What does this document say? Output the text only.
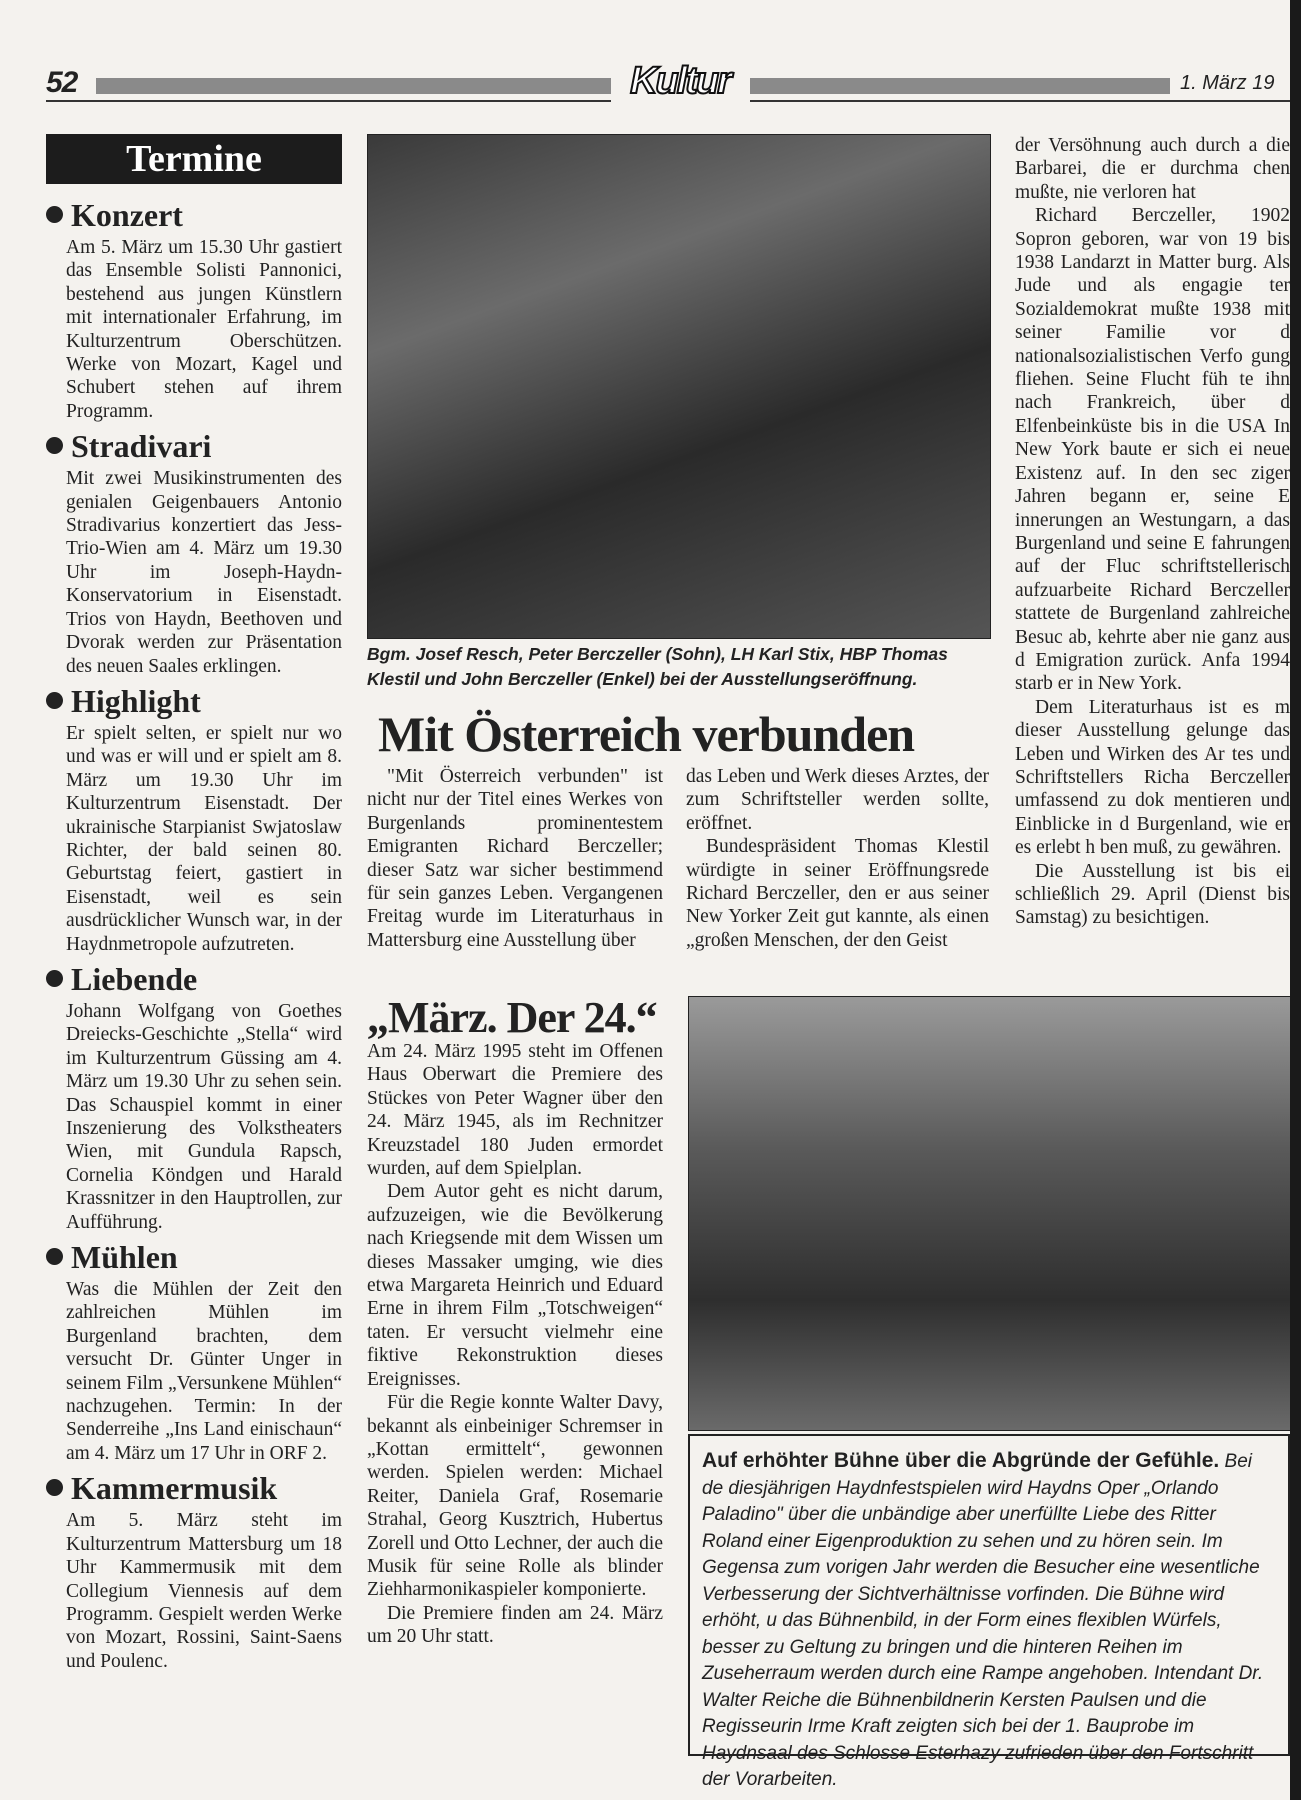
52	Kultur	1. März 19
Termine
Konzert

Am 5. März um 15.30 Uhr gastiert das Ensemble Solisti Pannonici, bestehend aus jungen Künstlern mit internationaler Erfahrung, im Kulturzentrum Oberschützen. Werke von Mozart, Kagel und Schubert stehen auf ihrem Programm.

Stradivari

Mit zwei Musikinstrumenten des genialen Geigenbauers Antonio Stradivarius konzertiert das Jess-Trio-Wien am 4. März um 19.30 Uhr im Joseph-Haydn-Konservatorium in Eisenstadt. Trios von Haydn, Beethoven und Dvorak werden zur Präsentation des neuen Saales erklingen.

Highlight

Er spielt selten, er spielt nur wo und was er will und er spielt am 8. März um 19.30 Uhr im Kulturzentrum Eisenstadt. Der ukrainische Starpianist Swjatoslaw Richter, der bald seinen 80. Geburtstag feiert, gastiert in Eisenstadt, weil es sein ausdrücklicher Wunsch war, in der Haydnmetropole aufzutreten.

Liebende

Johann Wolfgang von Goethes Dreiecks-Geschichte „Stella“ wird im Kulturzentrum Güssing am 4. März um 19.30 Uhr zu sehen sein. Das Schauspiel kommt in einer Inszenierung des Volkstheaters Wien, mit Gundula Rapsch, Cornelia Köndgen und Harald Krassnitzer in den Hauptrollen, zur Aufführung.

Mühlen

Was die Mühlen der Zeit den zahlreichen Mühlen im Burgenland brachten, dem versucht Dr. Günter Unger in seinem Film „Versunkene Mühlen“ nachzugehen. Termin: In der Senderreihe „Ins Land einischaun“ am 4. März um 17 Uhr in ORF 2.

Kammermusik

Am 5. März steht im Kulturzentrum Mattersburg um 18 Uhr Kammermusik mit dem Collegium Viennesis auf dem Programm. Gespielt werden Werke von Mozart, Rossini, Saint-Saens und Poulenc.

Bgm. Josef Resch, Peter Berczeller (Sohn), LH Karl Stix, HBP Thomas Klestil und John Berczeller (Enkel) bei der Ausstellungseröffnung.
Mit Österreich verbunden

"Mit Österreich verbunden" ist nicht nur der Titel eines Werkes von Burgenlands prominentestem Emigranten Richard Berczeller; dieser Satz war sicher bestimmend für sein ganzes Leben. Vergangenen Freitag wurde im Literaturhaus in Mattersburg eine Ausstellung über

das Leben und Werk dieses Arztes, der zum Schriftsteller werden sollte, eröffnet.

Bundespräsident Thomas Klestil würdigte in seiner Eröffnungsrede Richard Berczeller, den er aus seiner New Yorker Zeit gut kannte, als einen „großen Menschen, der den Geist

der Versöhnung auch durch a die Barbarei, die er durchma chen mußte, nie verloren hat

Richard Berczeller, 1902 Sopron geboren, war von 19 bis 1938 Landarzt in Matter burg. Als Jude und als engagie ter Sozialdemokrat mußte 1938 mit seiner Familie vor d nationalsozialistischen Verfo gung fliehen. Seine Flucht füh te ihn nach Frankreich, über d Elfenbeinküste bis in die USA In New York baute er sich ei neue Existenz auf. In den sec ziger Jahren begann er, seine E innerungen an Westungarn, a das Burgenland und seine E fahrungen auf der Fluc schriftstellerisch aufzuarbeite Richard Berczeller stattete de Burgenland zahlreiche Besuc ab, kehrte aber nie ganz aus d Emigration zurück. Anfa 1994 starb er in New York.

Dem Literaturhaus ist es m dieser Ausstellung gelunge das Leben und Wirken des Ar tes und Schriftstellers Richa Berczeller umfassend zu dok mentieren und Einblicke in d Burgenland, wie er es erlebt h ben muß, zu gewähren.

Die Ausstellung ist bis ei schließlich 29. April (Dienst bis Samstag) zu besichtigen.

„März. Der 24.“

Am 24. März 1995 steht im Offenen Haus Oberwart die Premiere des Stückes von Peter Wagner über den 24. März 1945, als im Rechnitzer Kreuzstadel 180 Juden ermordet wurden, auf dem Spielplan.

Dem Autor geht es nicht darum, aufzuzeigen, wie die Bevölkerung nach Kriegsende mit dem Wissen um dieses Massaker umging, wie dies etwa Margareta Heinrich und Eduard Erne in ihrem Film „Totschweigen“ taten. Er versucht vielmehr eine fiktive Rekonstruktion dieses Ereignisses.

Für die Regie konnte Walter Davy, bekannt als einbeiniger Schremser in „Kottan ermittelt“, gewonnen werden. Spielen werden: Michael Reiter, Daniela Graf, Rosemarie Strahal, Georg Kusztrich, Hubertus Zorell und Otto Lechner, der auch die Musik für seine Rolle als blinder Ziehharmonikaspieler komponierte.

Die Premiere finden am 24. März um 20 Uhr statt.

Auf erhöhter Bühne über die Abgründe der Gefühle. Bei de diesjährigen Haydnfestspielen wird Haydns Oper „Orlando Paladino" über die unbändige aber unerfüllte Liebe des Ritter Roland einer Eigenproduktion zu sehen und zu hören sein. Im Gegensa zum vorigen Jahr werden die Besucher eine wesentliche Verbesserung der Sichtverhältnisse vorfinden. Die Bühne wird erhöht, u das Bühnenbild, in der Form eines flexiblen Würfels, besser zu Geltung zu bringen und die hinteren Reihen im Zuseherraum werden durch eine Rampe angehoben. Intendant Dr. Walter Reiche die Bühnenbildnerin Kersten Paulsen und die Regisseurin Irme Kraft zeigten sich bei der 1. Bauprobe im Haydnsaal des Schlosse Esterhazy zufrieden über den Fortschritt der Vorarbeiten.
